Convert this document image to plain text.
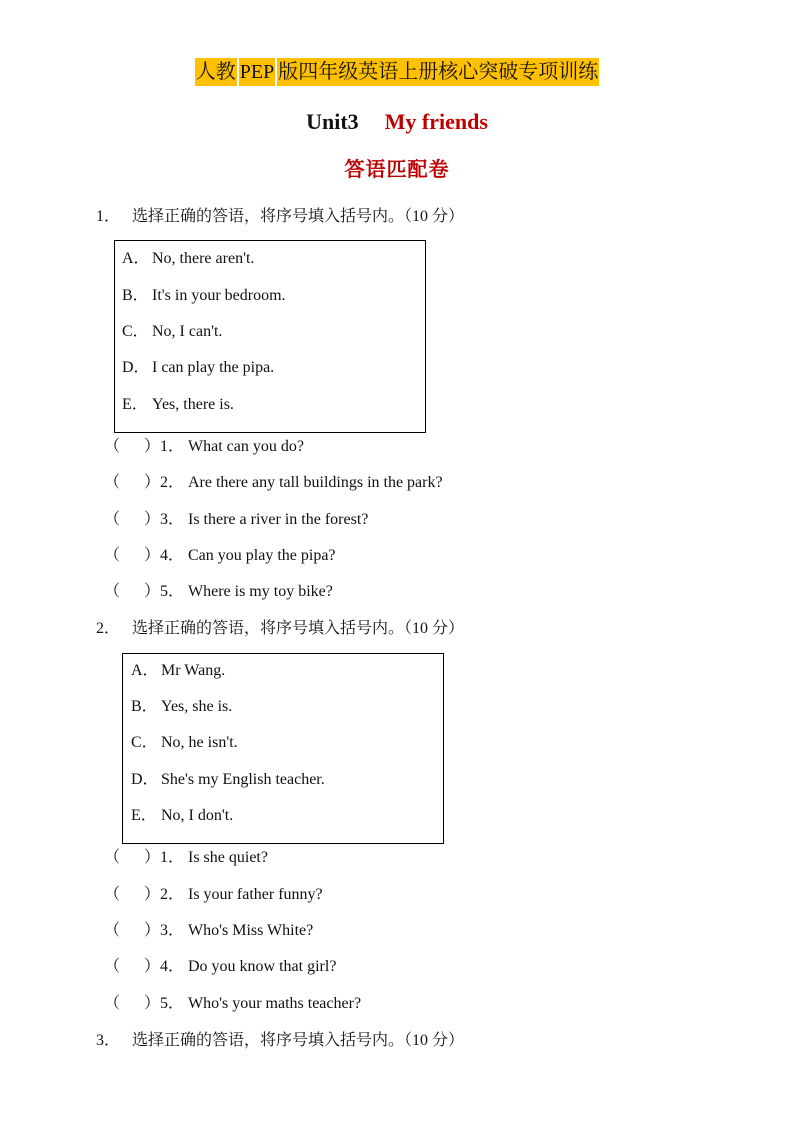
人教 PEP 版四年级英语上册核心突破专项训练
Unit3 My friends
答语匹配卷
1． 选择正确的答语，将序号填入括号内。（10 分）
A． No, there aren't.
B． It's in your bedroom.
C． No, I can't.
D． I can play the pipa.
E． Yes, there is.
（ ）1． What can you do?
（ ）2． Are there any tall buildings in the park?
（ ）3． Is there a river in the forest?
（ ）4． Can you play the pipa?
（ ）5． Where is my toy bike?
2． 选择正确的答语，将序号填入括号内。（10 分）
A． Mr Wang.
B． Yes, she is.
C． No, he isn't.
D． She's my English teacher.
E． No, I don't.
（ ）1． Is she quiet?
（ ）2． Is your father funny?
（ ）3． Who's Miss White?
（ ）4． Do you know that girl?
（ ）5． Who's your maths teacher?
3． 选择正确的答语，将序号填入括号内。（10 分）
